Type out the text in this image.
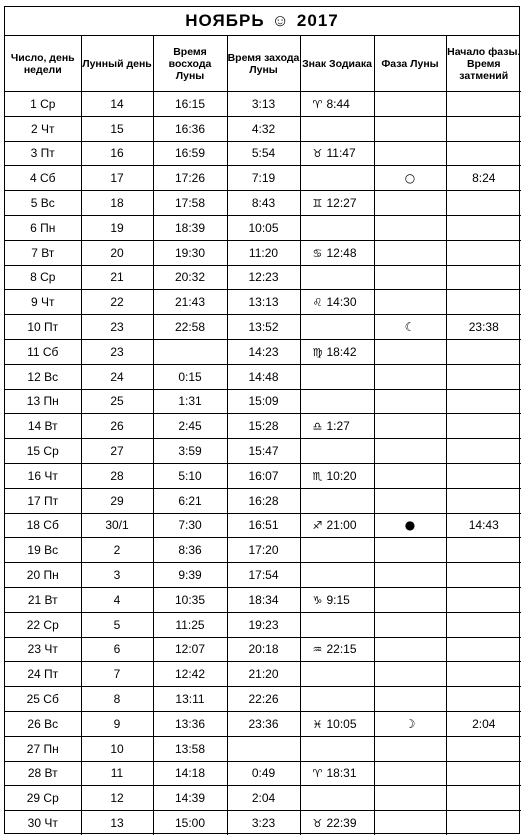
НОЯБРЬ ☺ 2017
Число, день недели	Лунный день	Время восхода Луны	Время захода Луны	Знак Зодиака	Фаза Луны	Начало фазы. Время затмений
1 Ср	14	16:15	3:13	♈ 8:44		
2 Чт	15	16:36	4:32			
3 Пт	16	16:59	5:54	♉ 11:47		
4 Сб	17	17:26	7:19		○	8:24
5 Вс	18	17:58	8:43	♊ 12:27		
6 Пн	19	18:39	10:05			
7 Вт	20	19:30	11:20	♋ 12:48		
8 Ср	21	20:32	12:23			
9 Чт	22	21:43	13:13	♌ 14:30		
10 Пт	23	22:58	13:52		☾	23:38
11 Сб	23		14:23	♍ 18:42		
12 Вс	24	0:15	14:48			
13 Пн	25	1:31	15:09			
14 Вт	26	2:45	15:28	♎ 1:27		
15 Ср	27	3:59	15:47			
16 Чт	28	5:10	16:07	♏ 10:20		
17 Пт	29	6:21	16:28			
18 Сб	30/1	7:30	16:51	♐ 21:00	●	14:43
19 Вс	2	8:36	17:20			
20 Пн	3	9:39	17:54			
21 Вт	4	10:35	18:34	♑ 9:15		
22 Ср	5	11:25	19:23			
23 Чт	6	12:07	20:18	♒ 22:15		
24 Пт	7	12:42	21:20			
25 Сб	8	13:11	22:26			
26 Вс	9	13:36	23:36	♓ 10:05	☽	2:04
27 Пн	10	13:58				
28 Вт	11	14:18	0:49	♈ 18:31		
29 Ср	12	14:39	2:04			
30 Чт	13	15:00	3:23	♉ 22:39		
